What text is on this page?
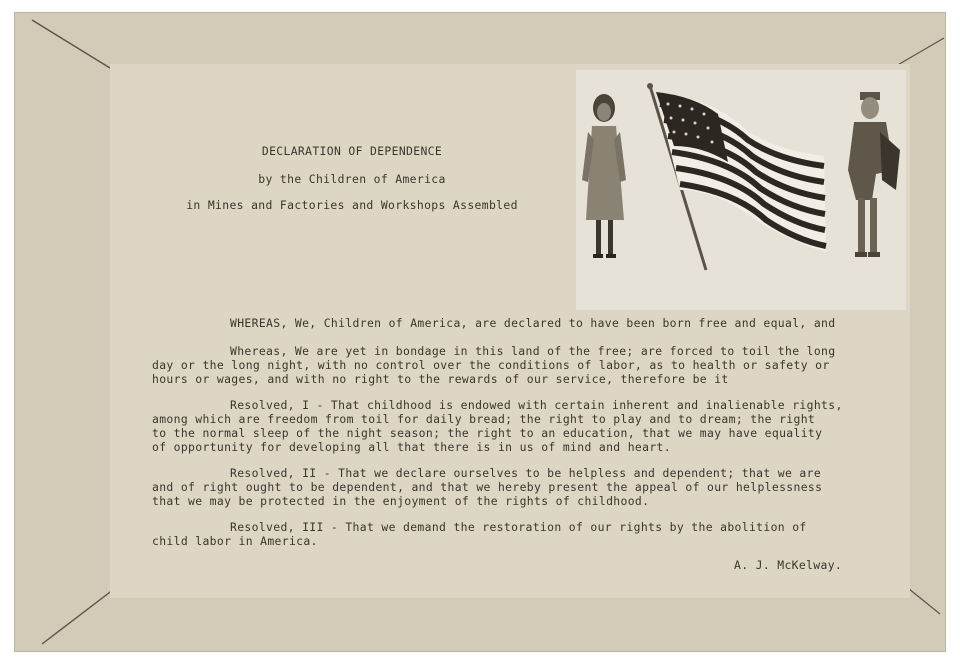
DECLARATION OF DEPENDENCE
by the Children of America
in Mines and Factories and Workshops Assembled
WHEREAS, We, Children of America, are declared to have been born free and equal, and
Whereas, We are yet in bondage in this land of the free; are forced to toil the long
day or the long night, with no control over the conditions of labor, as to health or safety or
hours or wages, and with no right to the rewards of our service, therefore be it
Resolved, I - That childhood is endowed with certain inherent and inalienable rights,
among which are freedom from toil for daily bread; the right to play and to dream; the right
to the normal sleep of the night season; the right to an education, that we may have equality
of opportunity for developing all that there is in us of mind and heart.
Resolved, II - That we declare ourselves to be helpless and dependent; that we are
and of right ought to be dependent, and that we hereby present the appeal of our helplessness
that we may be protected in the enjoyment of the rights of childhood.
Resolved, III - That we demand the restoration of our rights by the abolition of
child labor in America.
A. J. McKelway.
